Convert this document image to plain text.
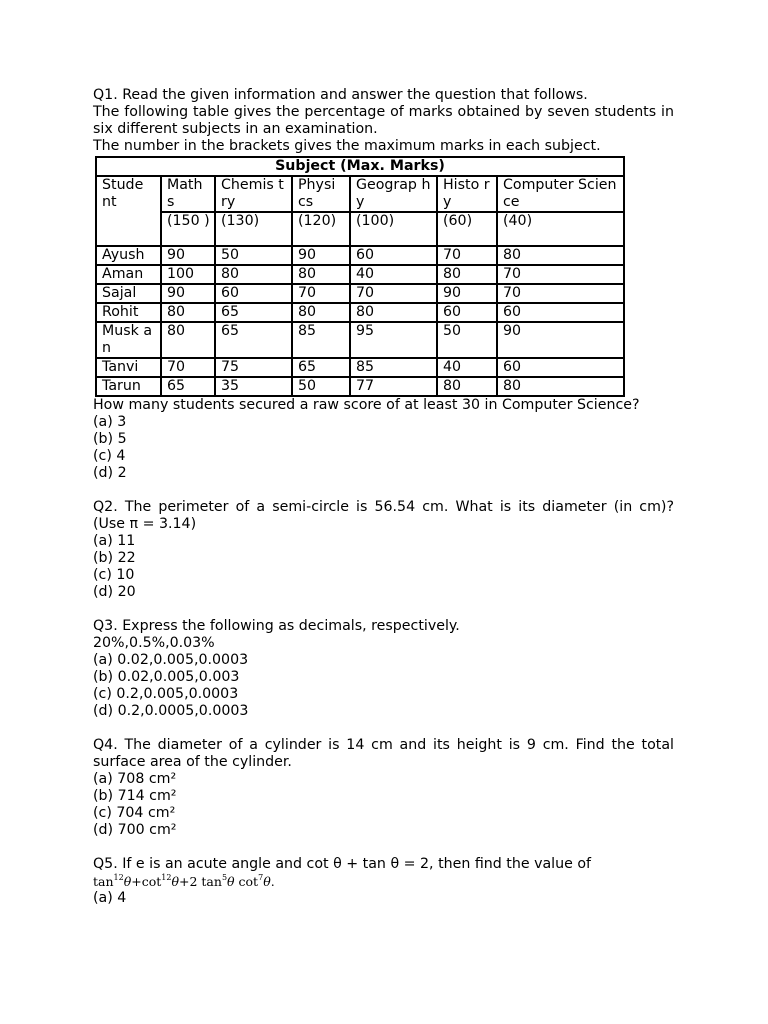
Q1. Read the given information and answer the question that follows.

The following table gives the percentage of marks obtained by seven students in six different subjects in an examination.

The number in the brackets gives the maximum marks in each subject.

Subject (Max. Marks)						
Stude nt	Math s	Chemis try	Physi cs	Geograp hy	Histo ry	Computer Science
	(150 )	(130)	(120)	(100)	(60)	(40)
Ayush	90	50	90	60	70	80
Aman	100	80	80	40	80	70
Sajal	90	60	70	70	90	70
Rohit	80	65	80	80	60	60
Musk an	80	65	85	95	50	90
Tanvi	70	75	65	85	40	60
Tarun	65	35	50	77	80	80

How many students secured a raw score of at least 30 in Computer Science?

(a) 3

(b) 5

(c) 4

(d) 2

Q2. The perimeter of a semi-circle is 56.54 cm. What is its diameter (in cm)? (Use π = 3.14)

(a) 11

(b) 22

(c) 10

(d) 20

Q3. Express the following as decimals, respectively.

20%,0.5%,0.03%

(a) 0.02,0.005,0.0003

(b) 0.02,0.005,0.003

(c) 0.2,0.005,0.0003

(d) 0.2,0.0005,0.0003

Q4. The diameter of a cylinder is 14 cm and its height is 9 cm. Find the total surface area of the cylinder.

(a) 708 cm²

(b) 714 cm²

(c) 704 cm²

(d) 700 cm²

Q5. If e is an acute angle and cot θ + tan θ = 2, then find the value of

$\tan^{12}\theta+\cot^{12}\theta+2$ $\tan^5\theta$ $\cot^7\theta$.

(a) 4
